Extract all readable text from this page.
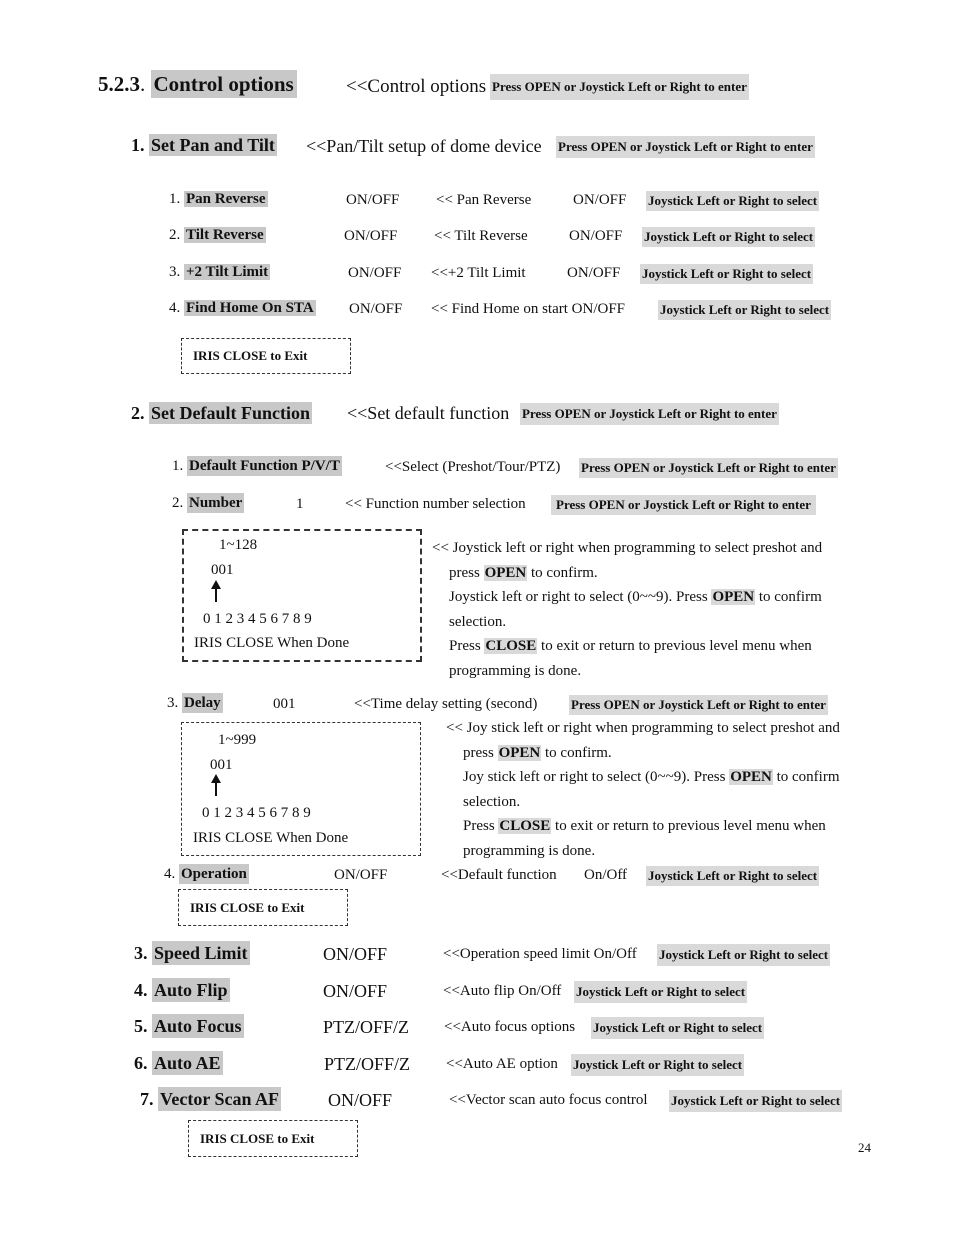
5.2.3. Control options	<<Control options Press OPEN or Joystick Left or Right to enter
1. Set Pan and Tilt <<Pan/Tilt setup of dome device Press OPEN or Joystick Left or Right to enter
1. Pan Reverse	ON/OFF << Pan Reverse	ON/OFF Joystick Left or Right to select
2. Tilt Reverse	ON/OFF << Tilt Reverse	ON/OFF Joystick Left or Right to select
3. +2 Tilt Limit	ON/OFF <<+2 Tilt Limit	ON/OFF Joystick Left or Right to select
4. Find Home On STA ON/OFF << Find Home on start ON/OFF	Joystick Left or Right to select
IRIS CLOSE to Exit
2. Set Default Function <<Set default function Press OPEN or Joystick Left or Right to enter
1. Default Function P/V/T	<<Select (Preshot/Tour/PTZ) Press OPEN or Joystick Left or Right to enter
2. Number	1	<< Function number selection	Press OPEN or Joystick Left or Right to enter
1~128
001
0 1 2 3 4 5 6 7 8 9
IRIS CLOSE When Done
<< Joystick left or right when programming to select preshot and
press OPEN to confirm.
Joystick left or right to select (0~~9). Press OPEN to confirm
selection.
Press CLOSE to exit or return to previous level menu when
programming is done.
3. Delay	001	<<Time delay setting (second)	Press OPEN or Joystick Left or Right to enter
1~999
001
0 1 2 3 4 5 6 7 8 9
IRIS CLOSE When Done
<< Joy stick left or right when programming to select preshot and
press OPEN to confirm.
Joy stick left or right to select (0~~9). Press OPEN to confirm
selection.
Press CLOSE to exit or return to previous level menu when
programming is done.
4. Operation	ON/OFF	<<Default function On/Off Joystick Left or Right to select
IRIS CLOSE to Exit
3. Speed Limit	ON/OFF	<<Operation speed limit On/Off Joystick Left or Right to select
4. Auto Flip	ON/OFF	<<Auto flip On/Off Joystick Left or Right to select
5. Auto Focus	PTZ/OFF/Z <<Auto focus options Joystick Left or Right to select
6. Auto AE	PTZ/OFF/Z <<Auto AE option Joystick Left or Right to select
7. Vector Scan AF	ON/OFF	<<Vector scan auto focus control Joystick Left or Right to select
IRIS CLOSE to Exit
24
